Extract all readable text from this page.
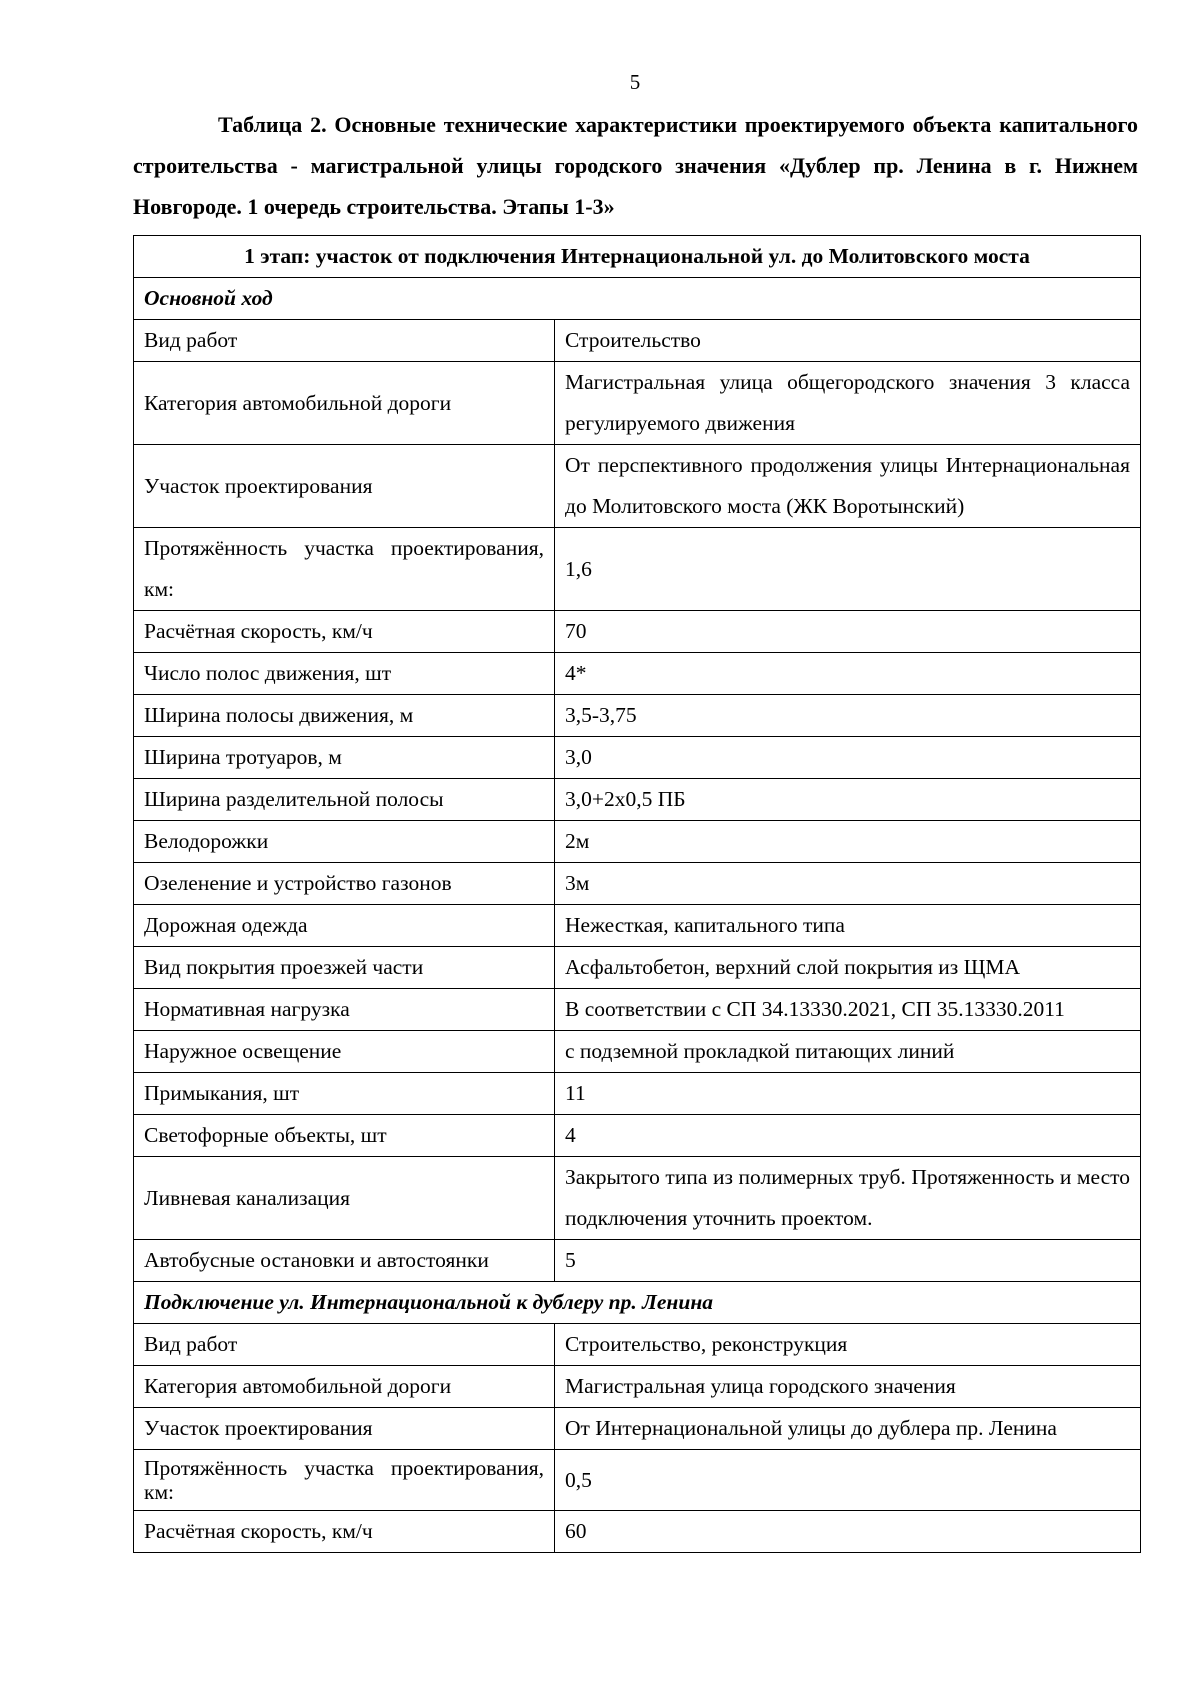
5
Таблица 2. Основные технические характеристики проектируемого объекта капитального строительства - магистральной улицы городского значения «Дублер пр. Ленина в г. Нижнем Новгороде. 1 очередь строительства. Этапы 1-3»
1 этап: участок от подключения Интернациональной ул. до Молитовского моста	
Основной ход	
Вид работ	Строительство
Категория автомобильной дороги	Магистральная улица общегородского значения 3 класса регулируемого движения
Участок проектирования	От перспективного продолжения улицы Интернациональная до Молитовского моста (ЖК Воротынский)
Протяжённость участка проектирования, км:	1,6
Расчётная скорость, км/ч	70
Число полос движения, шт	4*
Ширина полосы движения, м	3,5-3,75
Ширина тротуаров, м	3,0
Ширина разделительной полосы	3,0+2х0,5 ПБ
Велодорожки	2м
Озеленение и устройство газонов	3м
Дорожная одежда	Нежесткая, капитального типа
Вид покрытия проезжей части	Асфальтобетон, верхний слой покрытия из ЩМА
Нормативная нагрузка	В соответствии с СП 34.13330.2021, СП 35.13330.2011
Наружное освещение	с подземной прокладкой питающих линий
Примыкания, шт	11
Светофорные объекты, шт	4
Ливневая канализация	Закрытого типа из полимерных труб. Протяженность и место подключения уточнить проектом.
Автобусные остановки и автостоянки	5
Подключение ул. Интернациональной к дублеру пр. Ленина	
Вид работ	Строительство, реконструкция
Категория автомобильной дороги	Магистральная улица городского значения
Участок проектирования	От Интернациональной улицы до дублера пр. Ленина
Протяжённость участка проектирования, км:	0,5
Расчётная скорость, км/ч	60
